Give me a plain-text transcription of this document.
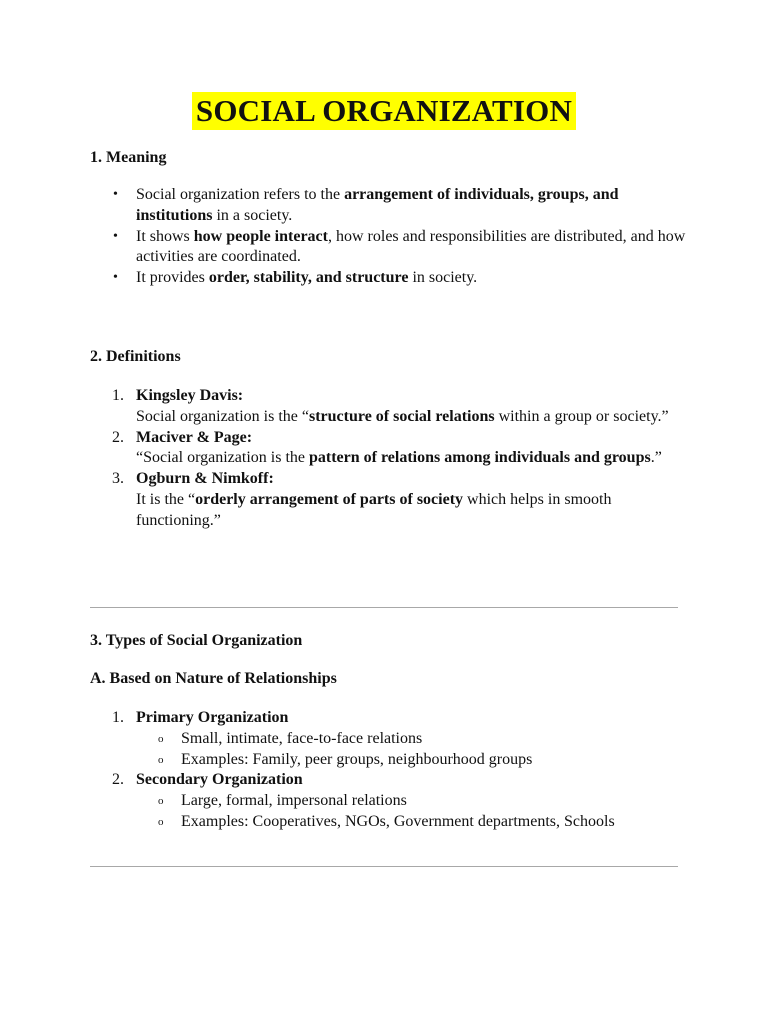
SOCIAL ORGANIZATION
1. Meaning
• Social organization refers to the arrangement of individuals, groups, and institutions in a society.
• It shows how people interact, how roles and responsibilities are distributed, and how activities are coordinated.
• It provides order, stability, and structure in society.
2. Definitions
1. Kingsley Davis:
Social organization is the “structure of social relations within a group or society.”
2. Maciver & Page:
“Social organization is the pattern of relations among individuals and groups.”
3. Ogburn & Nimkoff:
It is the “orderly arrangement of parts of society which helps in smooth functioning.”
3. Types of Social Organization
A. Based on Nature of Relationships
1. Primary Organization
o Small, intimate, face-to-face relations
o Examples: Family, peer groups, neighbourhood groups
2. Secondary Organization
o Large, formal, impersonal relations
o Examples: Cooperatives, NGOs, Government departments, Schools
